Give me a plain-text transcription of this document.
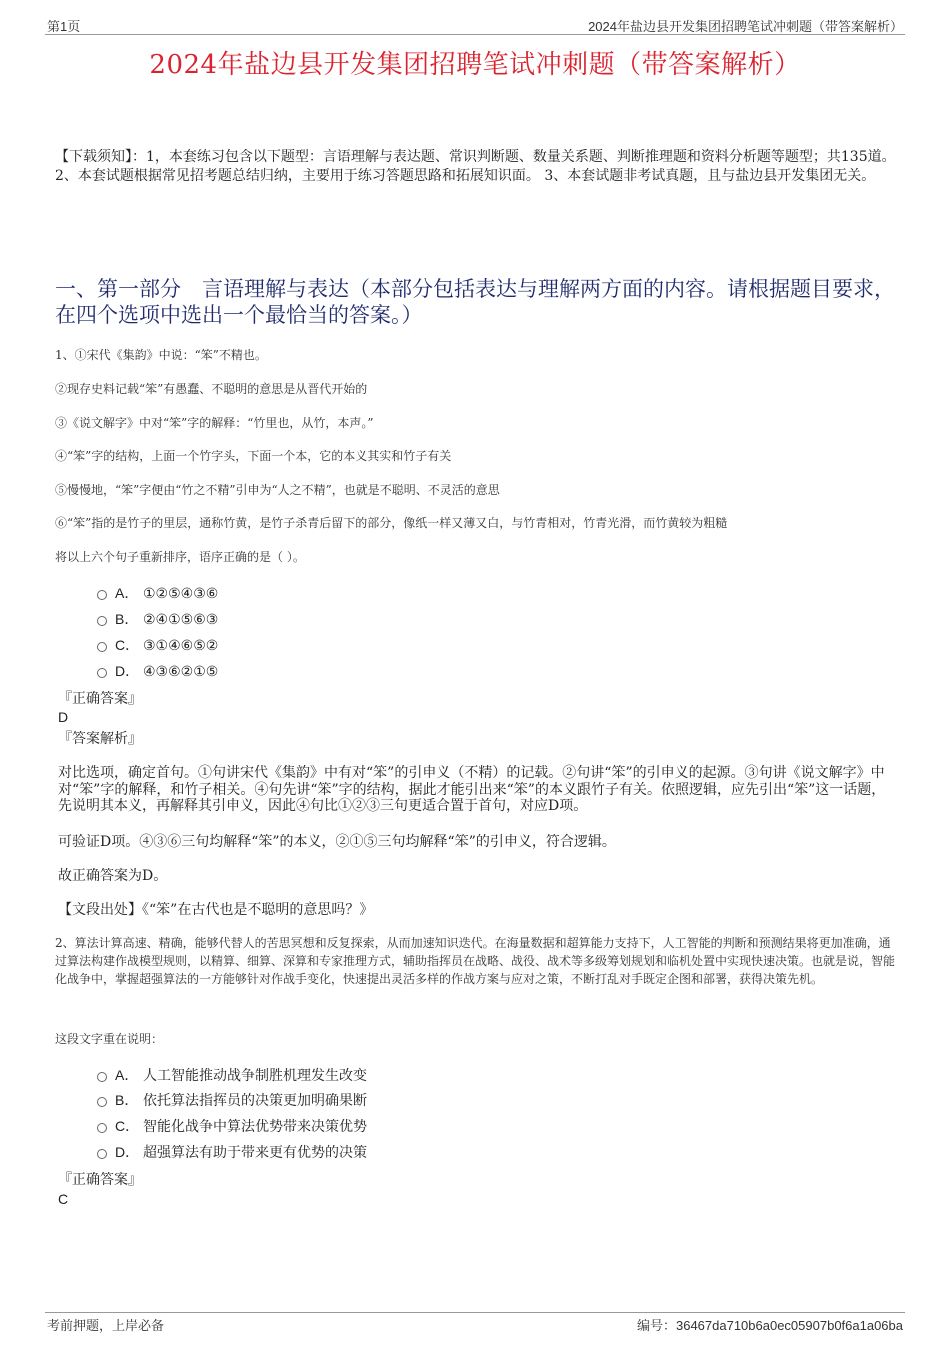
第1页	2024年盐边县开发集团招聘笔试冲刺题（带答案解析）
2024年盐边县开发集团招聘笔试冲刺题（带答案解析）
【下载须知】：1，本套练习包含以下题型：言语理解与表达题、常识判断题、数量关系题、判断推理题和资料分析题等题型；共135道。 2、本套试题根据常见招考题总结归纳，主要用于练习答题思路和拓展知识面。 3、本套试题非考试真题，且与盐边县开发集团无关。
一、第一部分　言语理解与表达（本部分包括表达与理解两方面的内容。请根据题目要求，在四个选项中选出一个最恰当的答案。）
1、①宋代《集韵》中说：“笨”不精也。
②现存史料记载“笨”有愚蠢、不聪明的意思是从晋代开始的
③《说文解字》中对“笨”字的解释：“竹里也，从竹，本声。”
④“笨”字的结构，上面一个竹字头，下面一个本，它的本义其实和竹子有关
⑤慢慢地，“笨”字便由“竹之不精”引申为“人之不精”，也就是不聪明、不灵活的意思
⑥“笨”指的是竹子的里层，通称竹黄，是竹子杀青后留下的部分，像纸一样又薄又白，与竹青相对，竹青光滑，而竹黄较为粗糙
将以上六个句子重新排序，语序正确的是（ ）。
A． ①②⑤④③⑥
B． ②④①⑤⑥③
C． ③①④⑥⑤②
D． ④③⑥②①⑤
『正确答案』
D
『答案解析』
对比选项，确定首句。①句讲宋代《集韵》中有对“笨”的引申义（不精）的记载。②句讲“笨”的引申义的起源。③句讲《说文解字》中对“笨”字的解释，和竹子相关。④句先讲“笨”字的结构，据此才能引出来“笨”的本义跟竹子有关。依照逻辑，应先引出“笨”这一话题，先说明其本义，再解释其引申义，因此④句比①②③三句更适合置于首句，对应D项。
可验证D项。④③⑥三句均解释“笨”的本义，②①⑤三句均解释“笨”的引申义，符合逻辑。
故正确答案为D。
【文段出处】《“笨”在古代也是不聪明的意思吗？》
2、算法计算高速、精确，能够代替人的苦思冥想和反复探索，从而加速知识迭代。在海量数据和超算能力支持下，人工智能的判断和预测结果将更加准确，通过算法构建作战模型规则，以精算、细算、深算和专家推理方式，辅助指挥员在战略、战役、战术等多级筹划规划和临机处置中实现快速决策。也就是说，智能化战争中，掌握超强算法的一方能够针对作战手变化，快速提出灵活多样的作战方案与应对之策，不断打乱对手既定企图和部署，获得决策先机。
这段文字重在说明：
A． 人工智能推动战争制胜机理发生改变
B． 依托算法指挥员的决策更加明确果断
C． 智能化战争中算法优势带来决策优势
D． 超强算法有助于带来更有优势的决策
『正确答案』
C
考前押题，上岸必备	编号：36467da710b6a0ec05907b0f6a1a06ba
